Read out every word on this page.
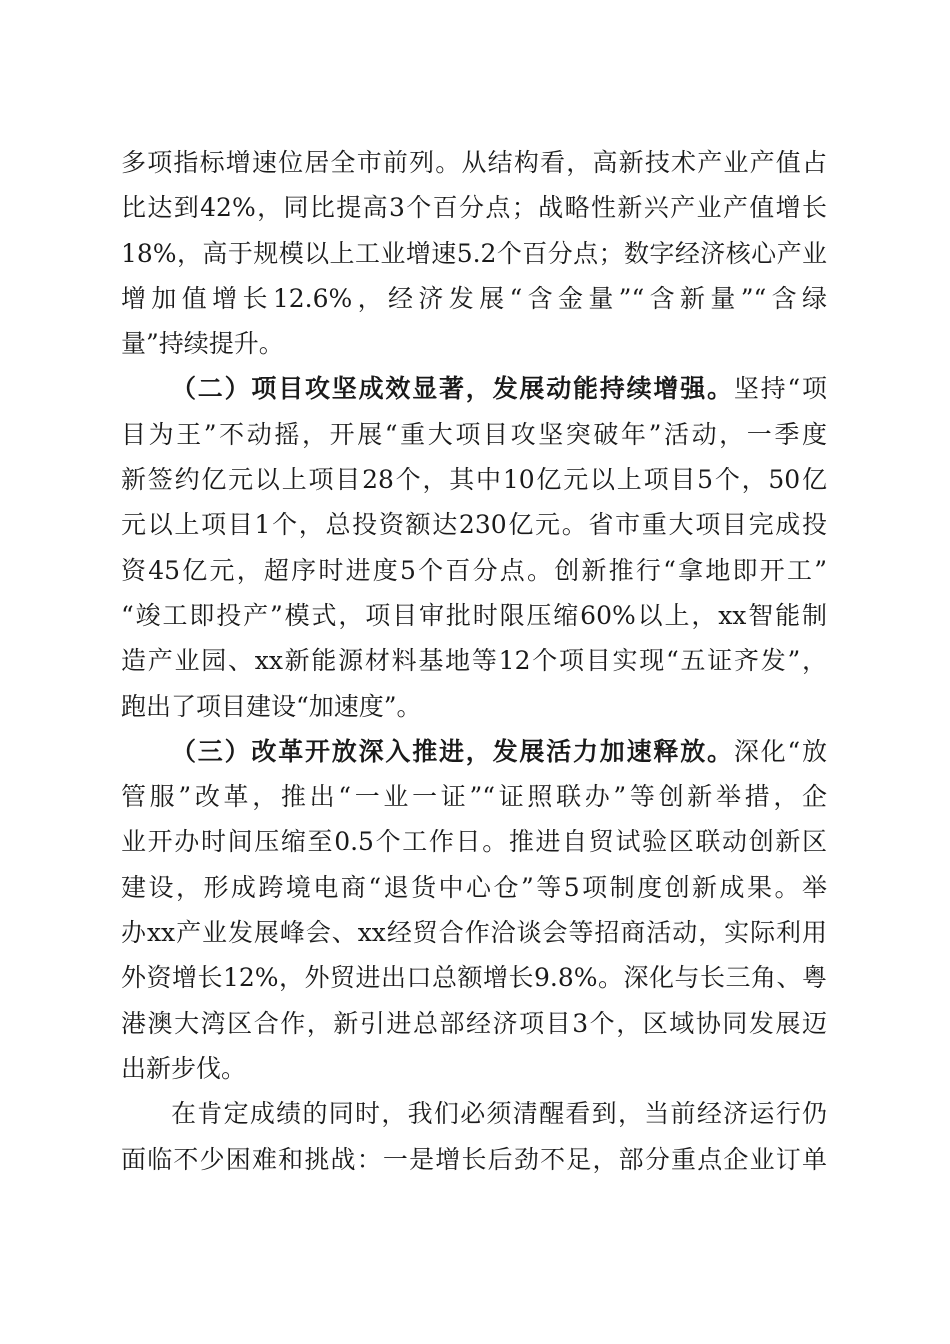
多项指标增速位居全市前列。从结构看，高新技术产业产值占
比达到42%，同比提高3个百分点；战略性新兴产业产值增长
18%，高于规模以上工业增速5.2个百分点；数字经济核心产业
增加值增长12.6%，经济发展“含金量”“含新量”“含绿
量”持续提升。
（二）项目攻坚成效显著，发展动能持续增强。坚持“项
目为王”不动摇，开展“重大项目攻坚突破年”活动，一季度
新签约亿元以上项目28个，其中10亿元以上项目5个，50亿
元以上项目1个，总投资额达230亿元。省市重大项目完成投
资45亿元，超序时进度5个百分点。创新推行“拿地即开工”
“竣工即投产”模式，项目审批时限压缩60%以上，xx智能制
造产业园、xx新能源材料基地等12个项目实现“五证齐发”，
跑出了项目建设“加速度”。
（三）改革开放深入推进，发展活力加速释放。深化“放
管服”改革，推出“一业一证”“证照联办”等创新举措，企
业开办时间压缩至0.5个工作日。推进自贸试验区联动创新区
建设，形成跨境电商“退货中心仓”等5项制度创新成果。举
办xx产业发展峰会、xx经贸合作洽谈会等招商活动，实际利用
外资增长12%，外贸进出口总额增长9.8%。深化与长三角、粤
港澳大湾区合作，新引进总部经济项目3个，区域协同发展迈
出新步伐。
在肯定成绩的同时，我们必须清醒看到，当前经济运行仍
面临不少困难和挑战：一是增长后劲不足，部分重点企业订单
